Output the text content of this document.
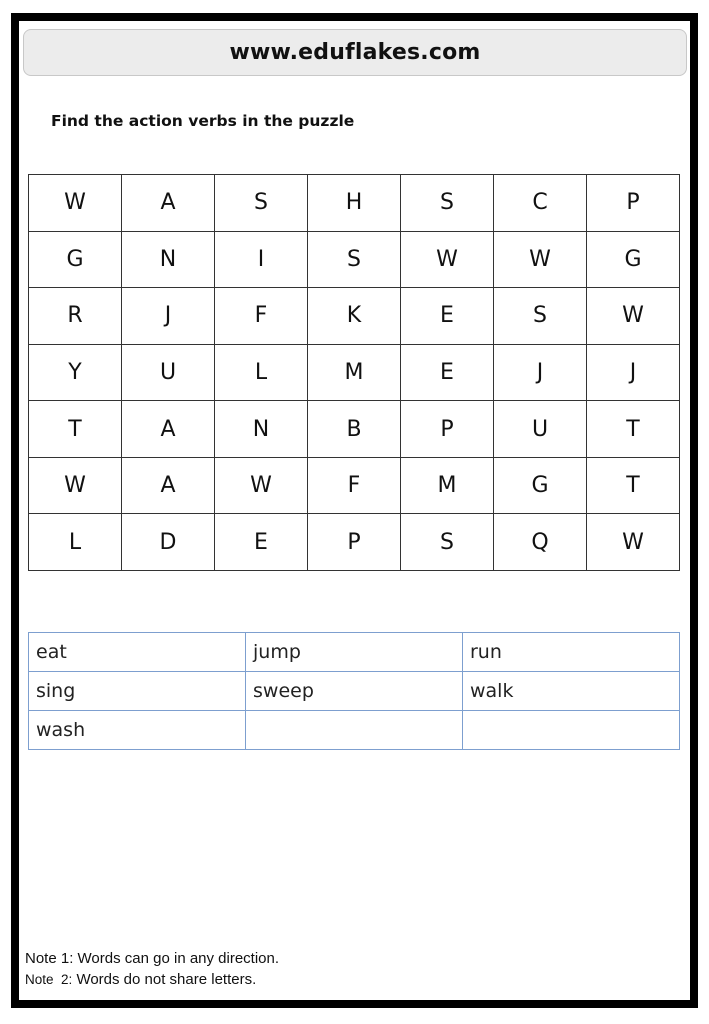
www.eduflakes.com
Find the action verbs in the puzzle
W	A	S	H	S	C	P
G	N	I	S	W	W	G
R	J	F	K	E	S	W
Y	U	L	M	E	J	J
T	A	N	B	P	U	T
W	A	W	F	M	G	T
L	D	E	P	S	Q	W
eat	jump	run
sing	sweep	walk
wash		
Note 1: Words can go in any direction.
Note  2: Words do not share letters.
